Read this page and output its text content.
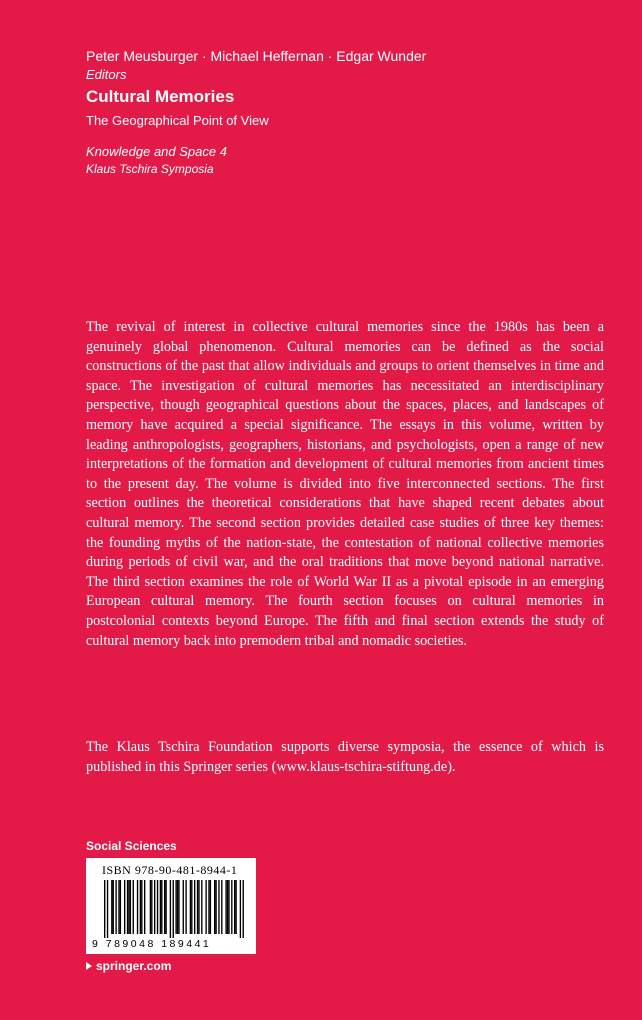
Peter Meusburger · Michael Heffernan · Edgar Wunder

Editors

Cultural Memories

The Geographical Point of View

Knowledge and Space 4

Klaus Tschira Symposia

The revival of interest in collective cultural memories since the 1980s has been a genuinely global phenomenon. Cultural memories can be defined as the social constructions of the past that allow individuals and groups to orient themselves in time and space. The investigation of cultural memories has necessitated an interdisciplinary perspective, though geographical questions about the spaces, places, and landscapes of memory have acquired a special significance. The essays in this volume, written by leading anthropologists, geographers, historians, and psychologists, open a range of new interpretations of the formation and development of cultural memories from ancient times to the present day. The volume is divided into five interconnected sections. The first section outlines the theoretical considerations that have shaped recent debates about cultural memory. The second section provides detailed case studies of three key themes: the founding myths of the nation-state, the contestation of national collective memories during periods of civil war, and the oral traditions that move beyond national narrative. The third section examines the role of World War II as a pivotal episode in an emerging European cultural memory. The fourth section focuses on cultural memories in postcolonial contexts beyond Europe. The fifth and final section extends the study of cultural memory back into premodern tribal and nomadic societies.

The Klaus Tschira Foundation supports diverse symposia, the essence of which is published in this Springer series (www.klaus-tschira-stiftung.de).

Social Sciences

ISBN 978-90-481-8944-1
9 789048 189441
springer.com
